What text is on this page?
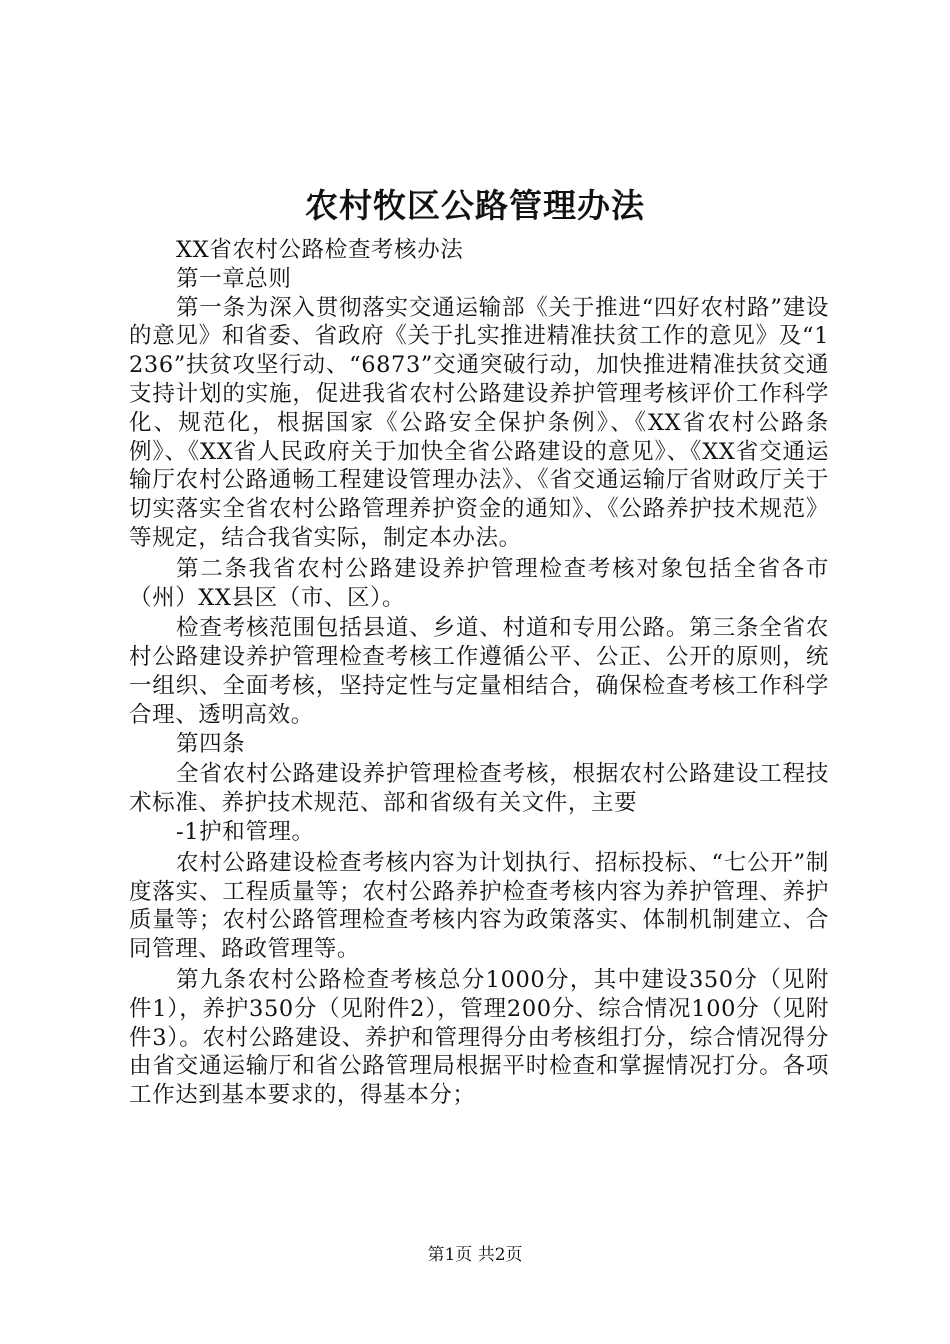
农村牧区公路管理办法

XX省农村公路检查考核办法

第一章总则

第一条为深入贯彻落实交通运输部《关于推进“四好农村路”建设的意见》和省委、省政府《关于扎实推进精准扶贫工作的意见》及“1236”扶贫攻坚行动、“6873”交通突破行动，加快推进精准扶贫交通支持计划的实施，促进我省农村公路建设养护管理考核评价工作科学化、规范化，根据国家《公路安全保护条例》、《XX省农村公路条例》、《XX省人民政府关于加快全省公路建设的意见》、《XX省交通运输厅农村公路通畅工程建设管理办法》、《省交通运输厅省财政厅关于切实落实全省农村公路管理养护资金的通知》、《公路养护技术规范》等规定，结合我省实际，制定本办法。

第二条我省农村公路建设养护管理检查考核对象包括全省各市（州）XX县区（市、区）。

检查考核范围包括县道、乡道、村道和专用公路。第三条全省农村公路建设养护管理检查考核工作遵循公平、公正、公开的原则，统一组织、全面考核，坚持定性与定量相结合，确保检查考核工作科学合理、透明高效。

第四条

全省农村公路建设养护管理检查考核，根据农村公路建设工程技术标准、养护技术规范、部和省级有关文件，主要

-1护和管理。

农村公路建设检查考核内容为计划执行、招标投标、“七公开”制度落实、工程质量等；农村公路养护检查考核内容为养护管理、养护质量等；农村公路管理检查考核内容为政策落实、体制机制建立、合同管理、路政管理等。

第九条农村公路检查考核总分1000分，其中建设350分（见附件1），养护350分（见附件2），管理200分、综合情况100分（见附件3）。农村公路建设、养护和管理得分由考核组打分，综合情况得分由省交通运输厅和省公路管理局根据平时检查和掌握情况打分。各项工作达到基本要求的，得基本分；

第1页 共2页
